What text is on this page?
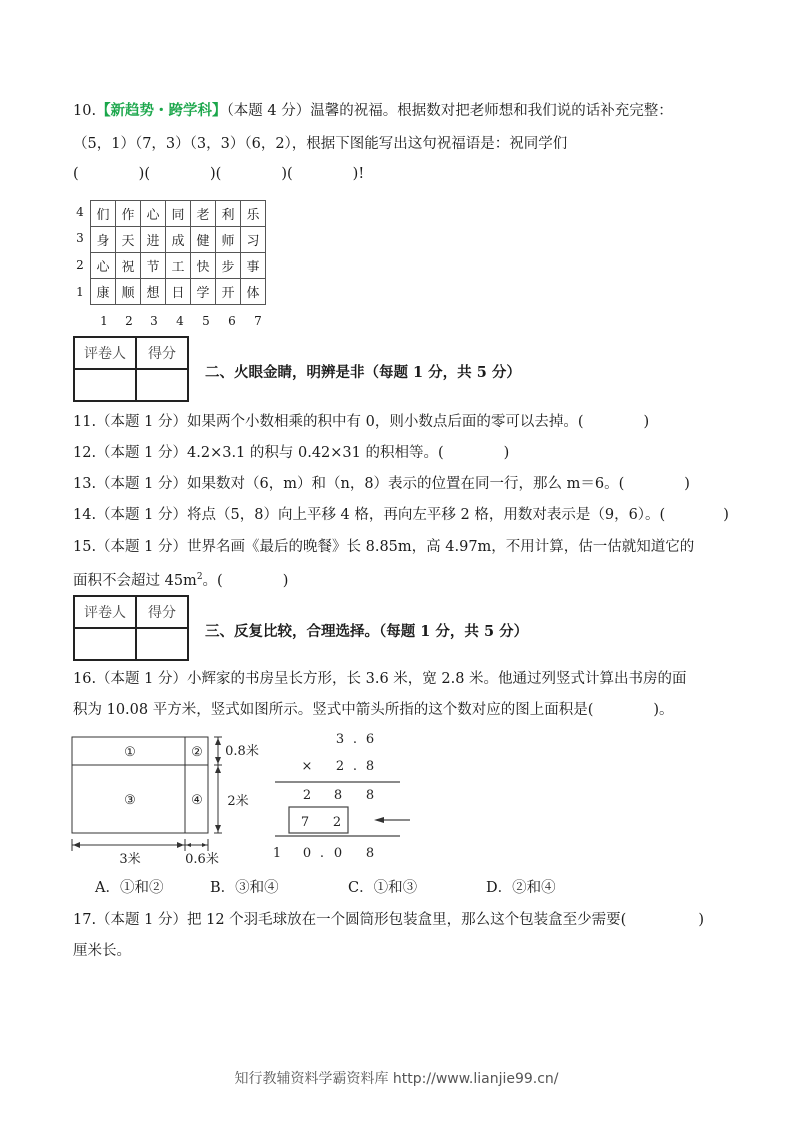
10.【新趋势・跨学科】（本题 4 分）温馨的祝福。根据数对把老师想和我们说的话补充完整：
（5，1）（7，3）（3，3）（6，2），根据下图能写出这句祝福语是：祝同学们
(	)(	)(	)(	)!
4
3
2
1
们	作	心	同	老	利	乐
身	天	进	成	健	师	习
心	祝	节	工	快	步	事
康	顺	想	日	学	开	体
1	2	3	4	5	6	7
评卷人	得分

二、火眼金睛，明辨是非（每题 1 分，共 5 分）
11.（本题 1 分）如果两个小数相乘的积中有 0，则小数点后面的零可以去掉。(	)
12.（本题 1 分）4.2×3.1 的积与 0.42×31 的积相等。(	)
13.（本题 1 分）如果数对（6，m）和（n，8）表示的位置在同一行，那么 m＝6。(	)
14.（本题 1 分）将点（5，8）向上平移 4 格，再向左平移 2 格，用数对表示是（9，6）。(	)
15.（本题 1 分）世界名画《最后的晚餐》长 8.85m，高 4.97m，不用计算，估一估就知道它的
面积不会超过 $45m^2$。(	)
评卷人	得分

三、反复比较，合理选择。（每题 1 分，共 5 分）
16.（本题 1 分）小辉家的书房呈长方形，长 3.6 米，宽 2.8 米。他通过列竖式计算出书房的面
积为 10.08 平方米，竖式如图所示。竖式中箭头所指的这个数对应的图上面积是(	)。
①	②
③	④
0.8米
2米
3米	0.6米
3 . 6
× 2 . 8
2 8 8
7 2
1 0 . 0 8
A．①和②	B．③和④	C．①和③	D．②和④
17.（本题 1 分）把 12 个羽毛球放在一个圆筒形包装盒里，那么这个包装盒至少需要(	)
厘米长。
知行教辅资料学霸资料库 http://www.lianjie99.cn/
